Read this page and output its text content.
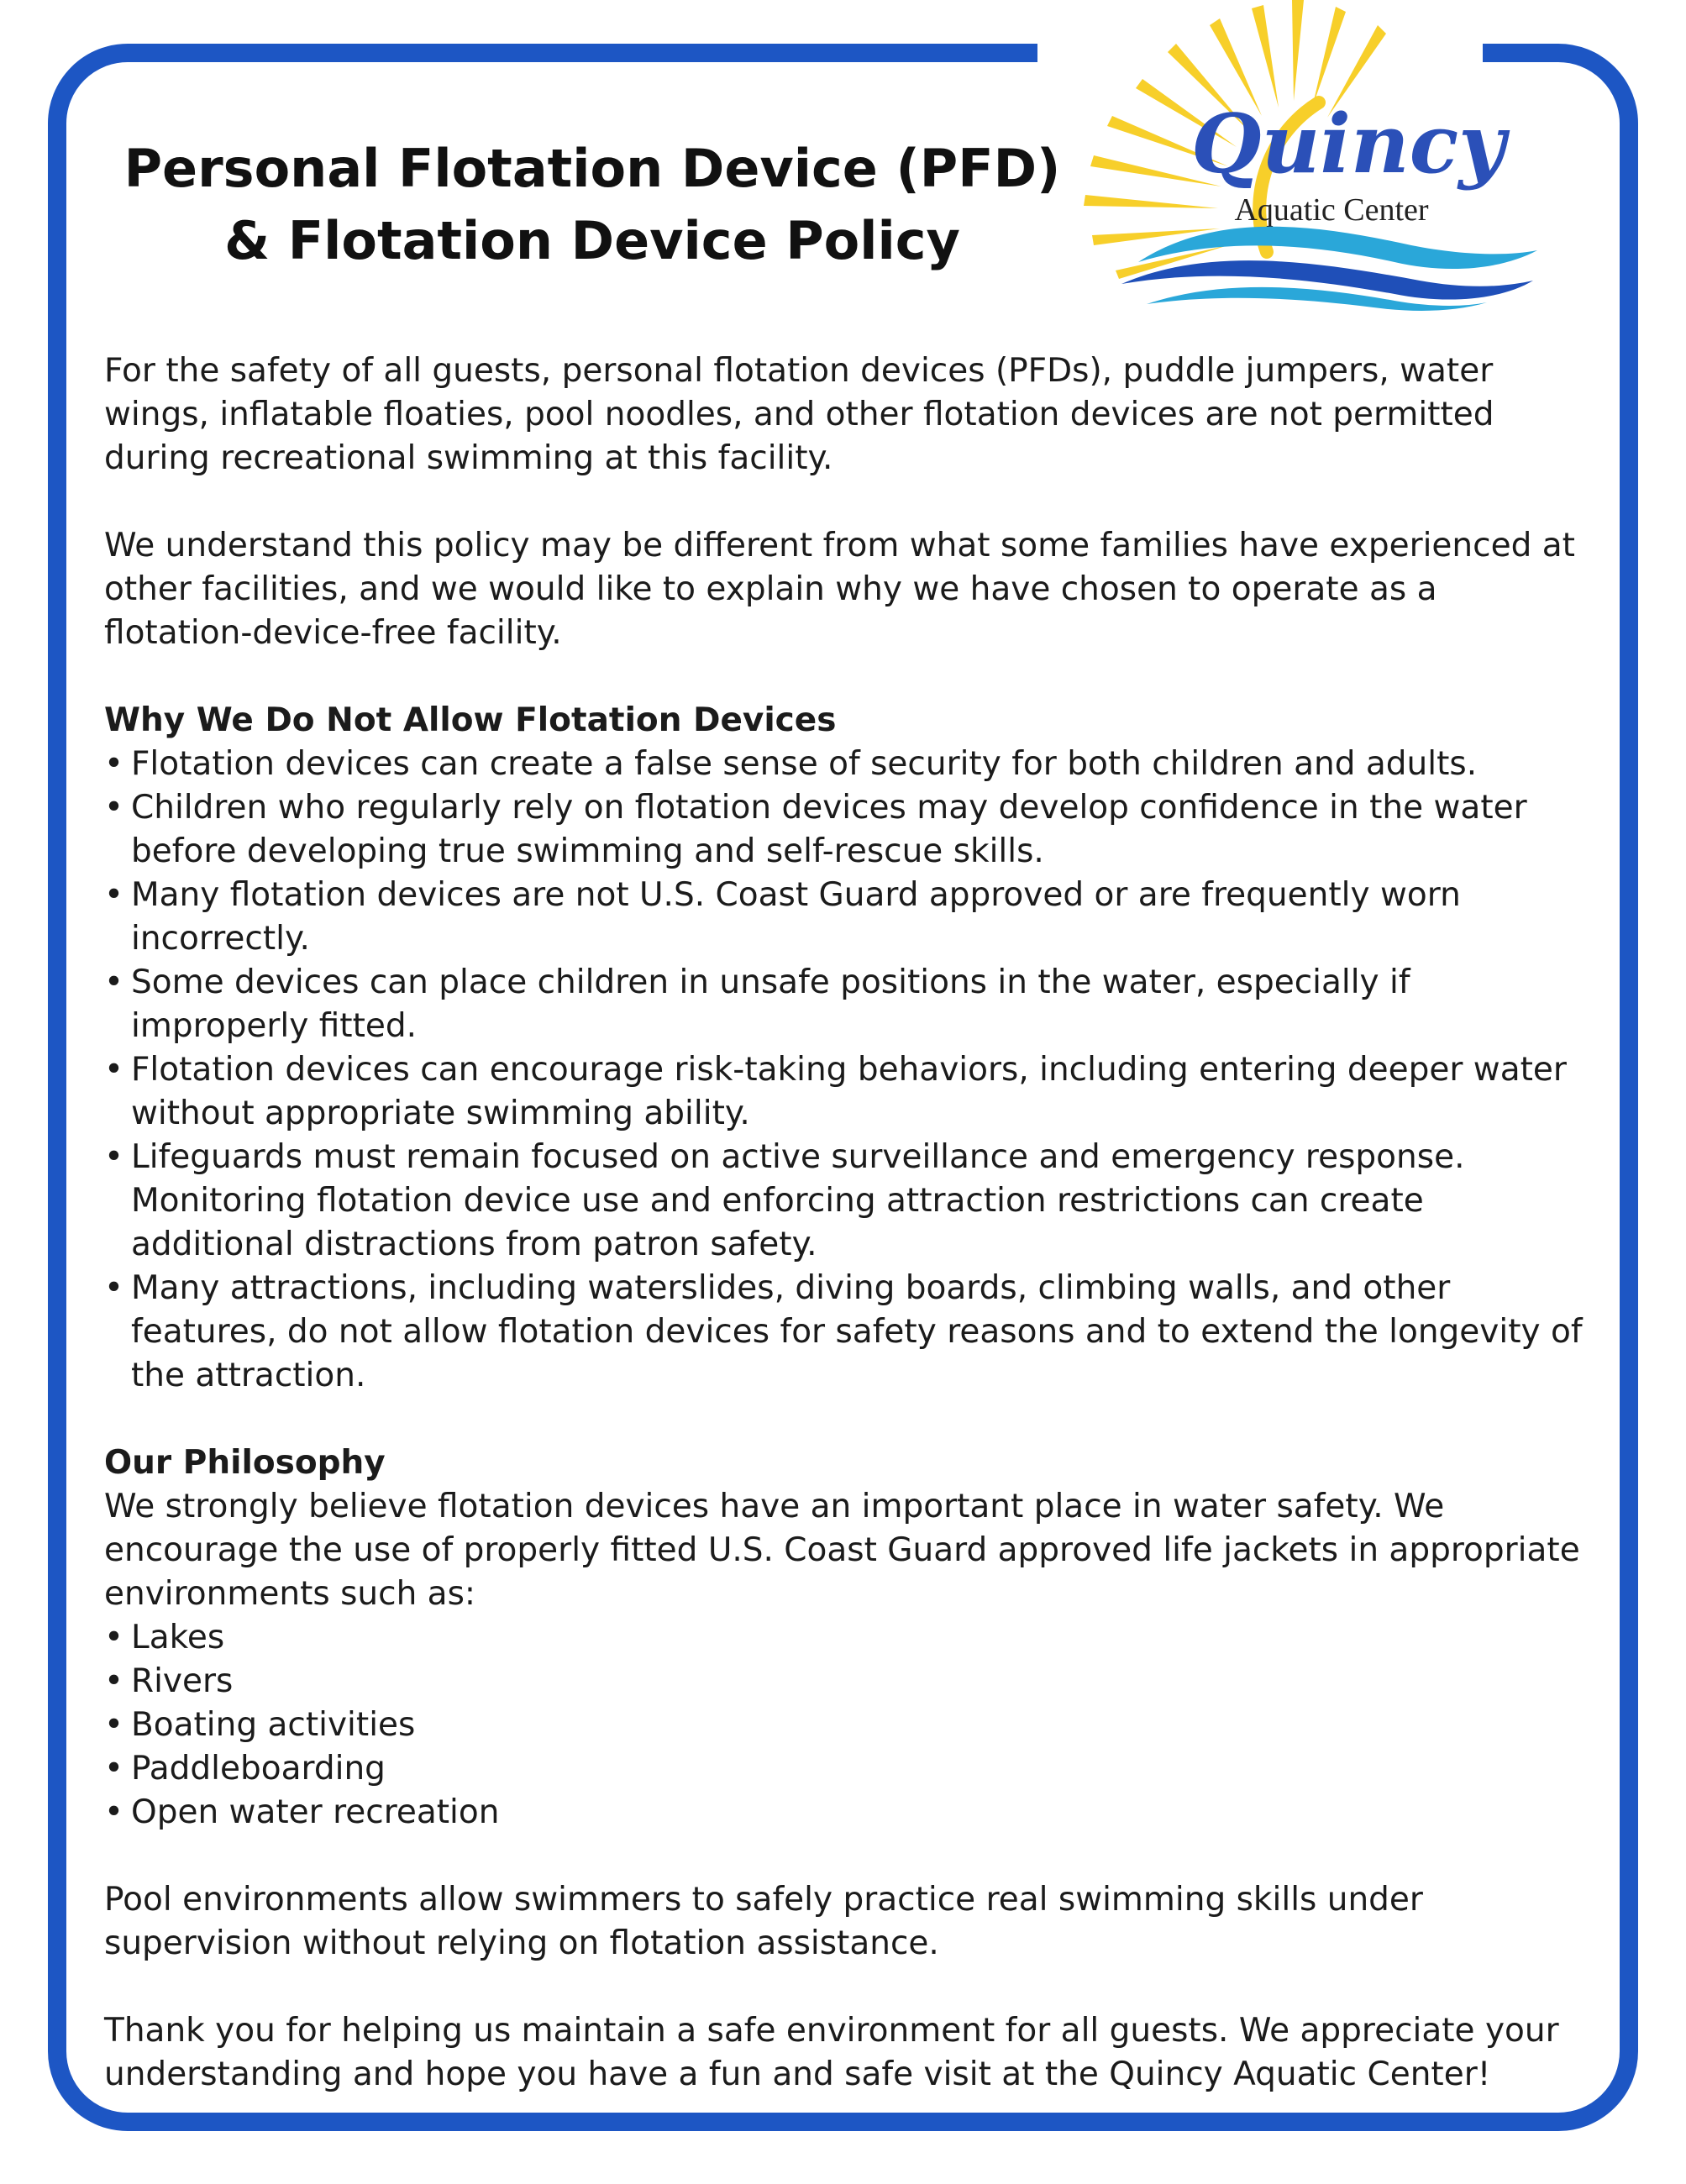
Quincy
Aquatic Center
Personal Flotation Device (PFD)
& Flotation Device Policy

For the safety of all guests, personal flotation devices (PFDs), puddle jumpers, water wings, inflatable floaties, pool noodles, and other flotation devices are not permitted during recreational swimming at this facility.

We understand this policy may be different from what some families have experienced at other facilities, and we would like to explain why we have chosen to operate as a flotation-device-free facility.

Why We Do Not Allow Flotation Devices

• Flotation devices can create a false sense of security for both children and adults.
• Children who regularly rely on flotation devices may develop confidence in the water before developing true swimming and self-rescue skills.
• Many flotation devices are not U.S. Coast Guard approved or are frequently worn incorrectly.
• Some devices can place children in unsafe positions in the water, especially if improperly fitted.
• Flotation devices can encourage risk-taking behaviors, including entering deeper water without appropriate swimming ability.
• Lifeguards must remain focused on active surveillance and emergency response. Monitoring flotation device use and enforcing attraction restrictions can create additional distractions from patron safety.
• Many attractions, including waterslides, diving boards, climbing walls, and other features, do not allow flotation devices for safety reasons and to extend the longevity of the attraction.

Our Philosophy

We strongly believe flotation devices have an important place in water safety. We encourage the use of properly fitted U.S. Coast Guard approved life jackets in appropriate environments such as:

• Lakes
• Rivers
• Boating activities
• Paddleboarding
• Open water recreation

Pool environments allow swimmers to safely practice real swimming skills under supervision without relying on flotation assistance.

Thank you for helping us maintain a safe environment for all guests. We appreciate your understanding and hope you have a fun and safe visit at the Quincy Aquatic Center!
